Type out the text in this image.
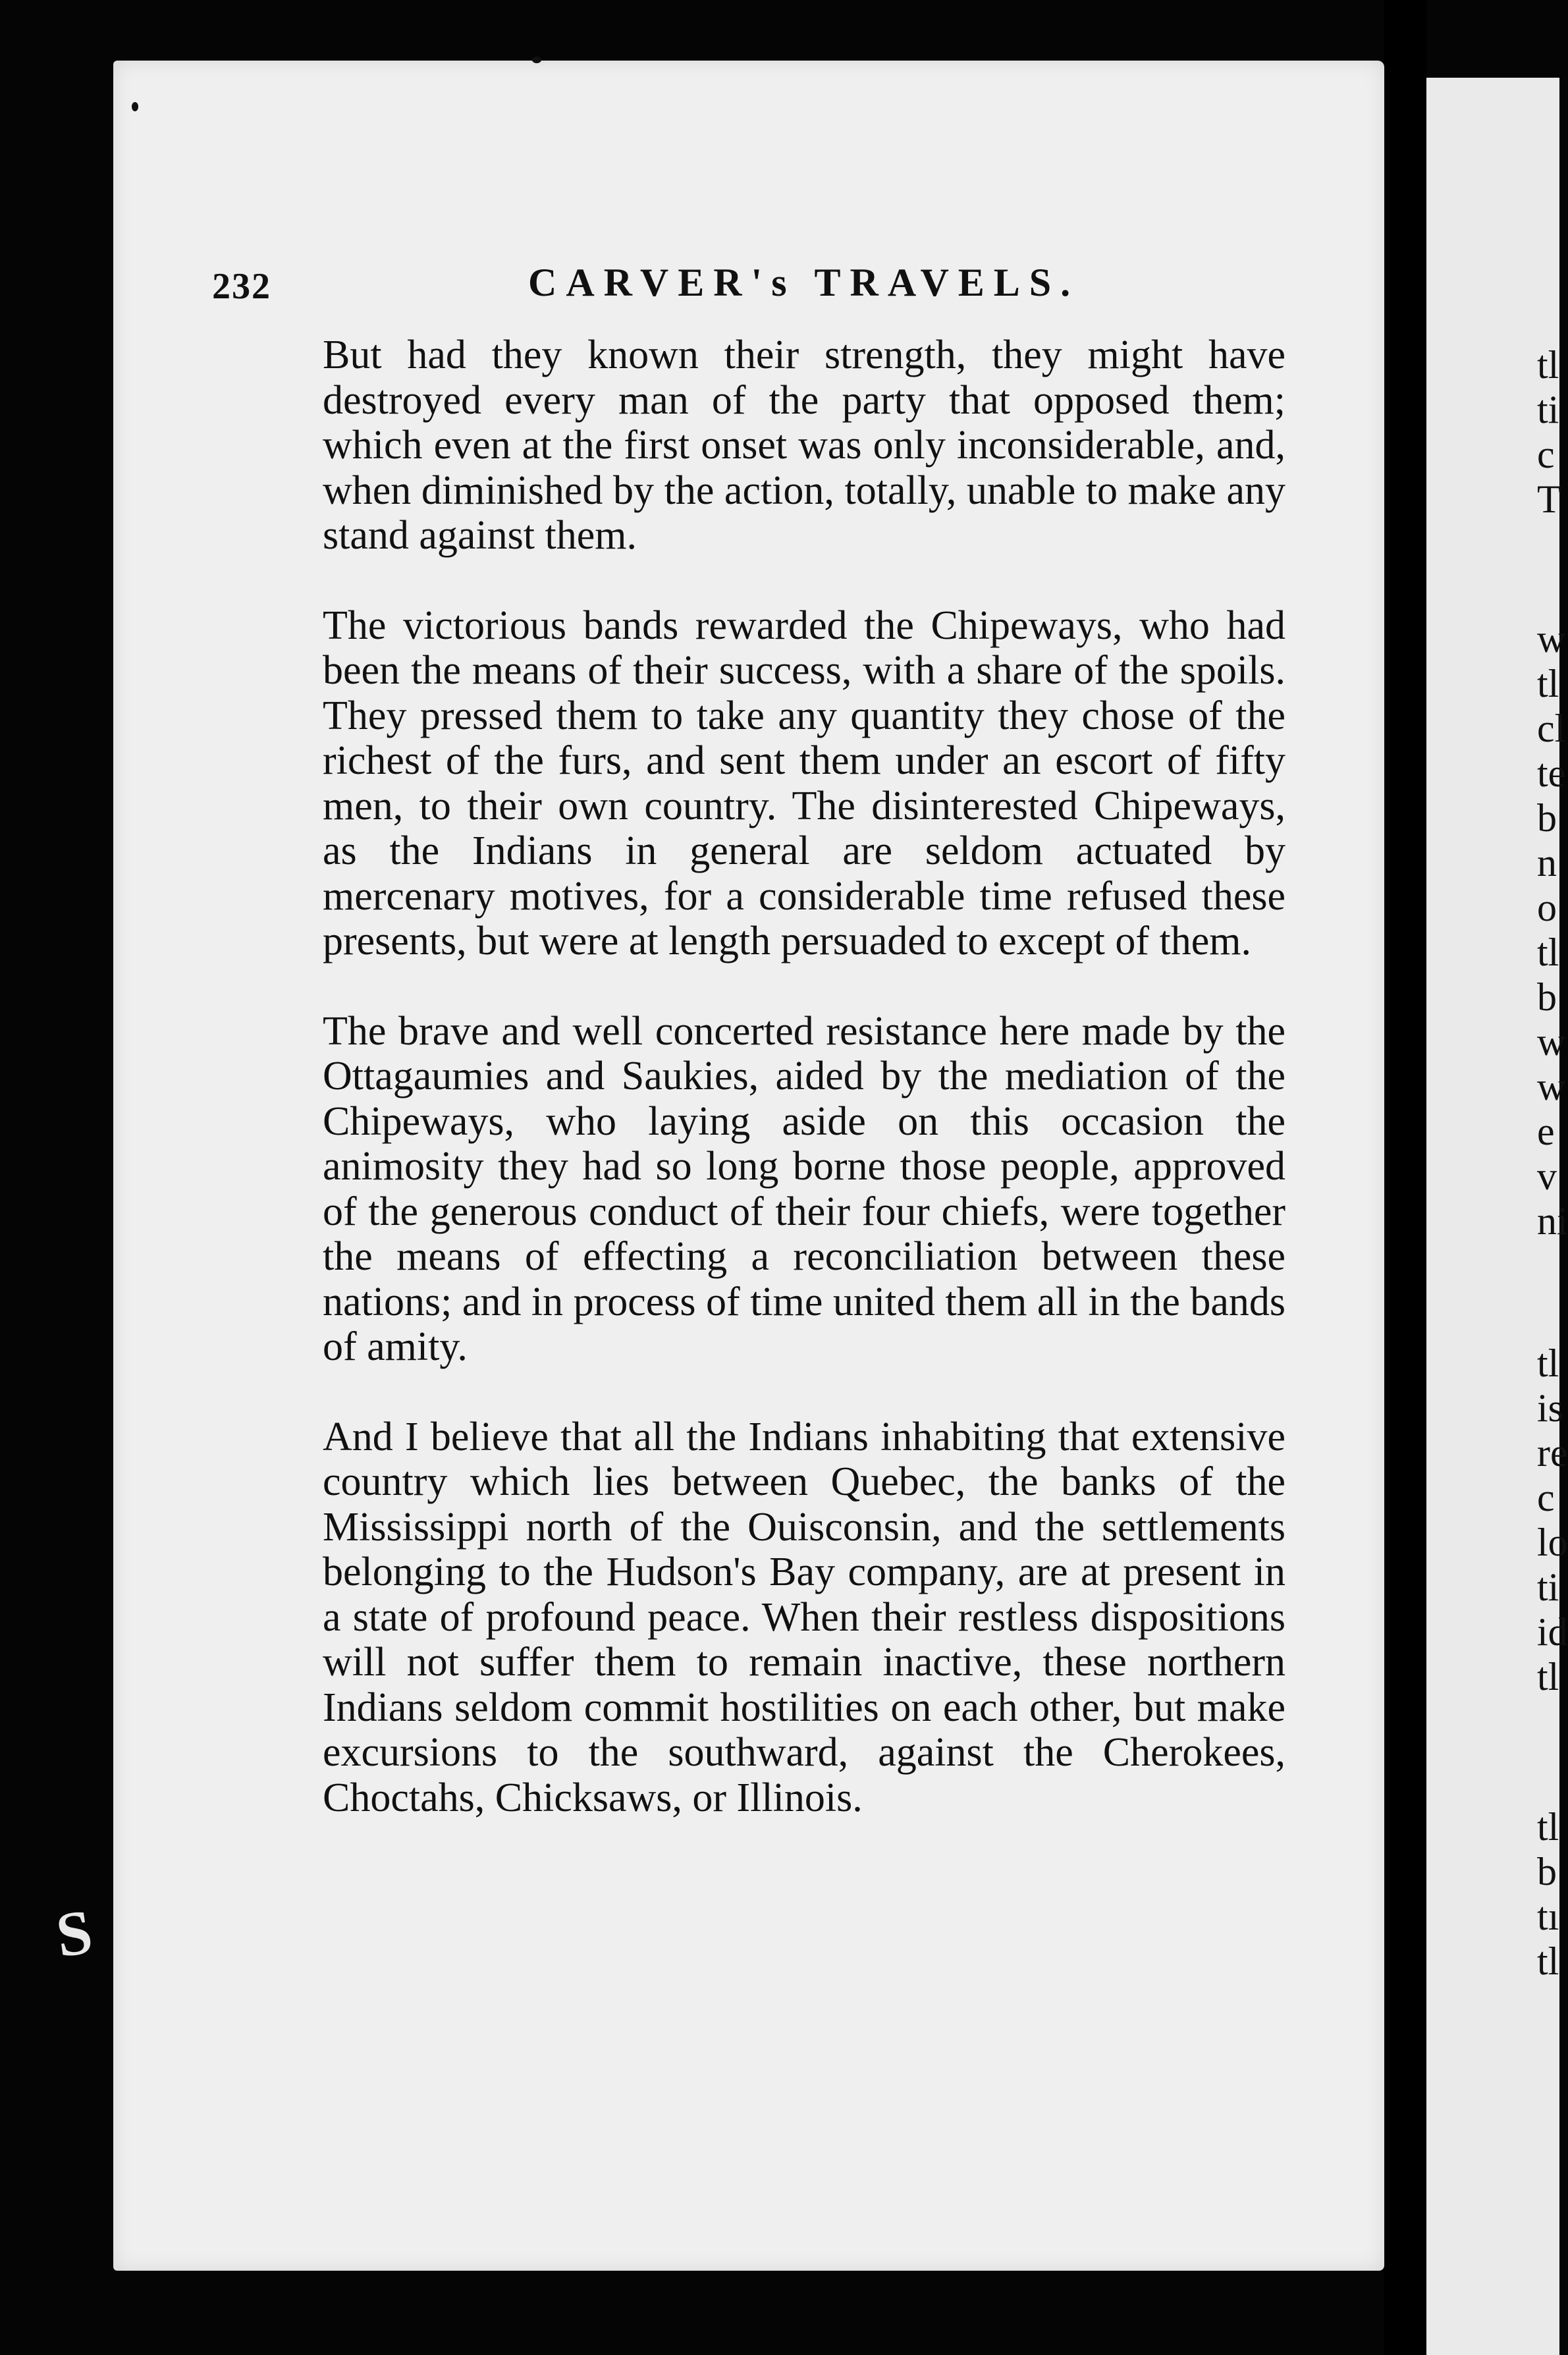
232	CARVER's TRAVELS.

But had they known their strength, they might have destroyed every man of the party that opposed them; which even at the first onset was only inconsiderable, and, when diminished by the action, totally, unable to make any stand against them.

The victorious bands rewarded the Chipeways, who had been the means of their success, with a share of the spoils. They pressed them to take any quantity they chose of the richest of the furs, and sent them under an escort of fifty men, to their own country. The disinterested Chipeways, as the Indians in general are seldom actuated by mercenary motives, for a considerable time refused these presents, but were at length persuaded to except of them.

The brave and well concerted resistance here made by the Ottagaumies and Saukies, aided by the mediation of the Chipeways, who laying aside on this occasion the animosity they had so long borne those people, approved of the generous conduct of their four chiefs, were together the means of effecting a reconciliation between these nations; and in process of time united them all in the bands of amity.

And I believe that all the Indians inhabiting that extensive country which lies between Quebec, the banks of the Mississippi north of the Ouisconsin, and the settlements belonging to the Hudson's Bay company, are at present in a state of profound peace. When their restless dispositions will not suffer them to remain inactive, these northern Indians seldom commit hostilities on each other, but make excursions to the southward, against the Cherokees, Choctahs, Chicksaws, or Illinois.

tl
ti
c
T
w
tl
cl
te
b
n
o
tl
b
w
w
e
v
ni
tl
is
re
c
lo
ti
id
tl
tl
b
tı
tl
S
